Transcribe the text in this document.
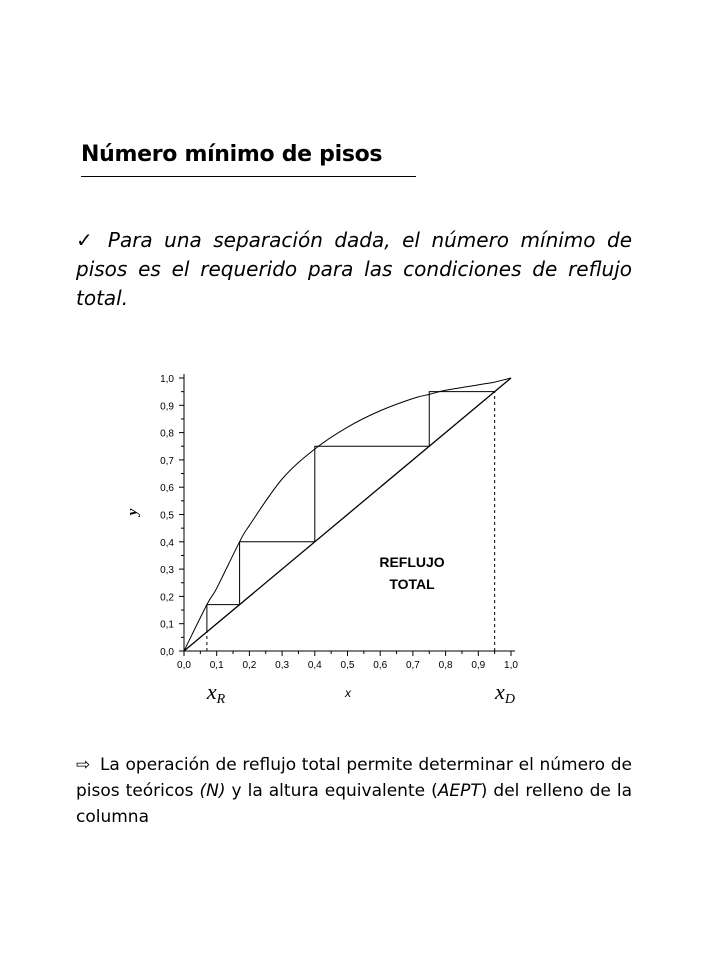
Número mínimo de pisos

✓ Para una separación dada, el número mínimo de pisos es el requerido para las condiciones de reflujo total.

0,0
0,1
0,2
0,3
0,4
0,5
0,6
0,7
0,8
0,9
1,0
0,0 0,1 0,2 0,3 0,4 0,5 0,6 0,7 0,8 0,9 1,0
y
x
xR	xD
REFLUJO
TOTAL

⇨ La operación de reflujo total permite determinar el número de pisos teóricos (N) y la altura equivalente (AEPT) del relleno de la columna
